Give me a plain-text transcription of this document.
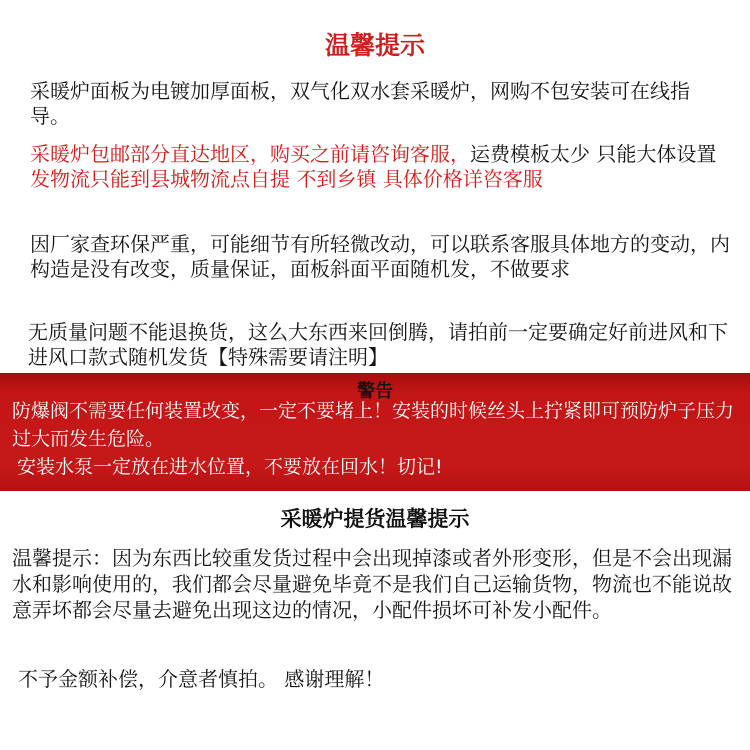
温馨提示

采暖炉面板为电镀加厚面板，双气化双水套采暖炉，网购不包安装可在线指导。

采暖炉包邮部分直达地区，购买之前请咨询客服，运费模板太少 只能大体设置 发物流只能到县城物流点自提 不到乡镇 具体价格详咨客服

因厂家查环保严重，可能细节有所轻微改动，可以联系客服具体地方的变动，内构造是没有改变，质量保证，面板斜面平面随机发，不做要求

无质量问题不能退换货，这么大东西来回倒腾，请拍前一定要确定好前进风和下进风口款式随机发货【特殊需要请注明】

警告

防爆阀不需要任何装置改变，一定不要堵上！安装的时候丝头上拧紧即可预防炉子压力过大而发生危险。
安装水泵一定放在进水位置，不要放在回水！切记!

采暖炉提货温馨提示

温馨提示：因为东西比较重发货过程中会出现掉漆或者外形变形，但是不会出现漏水和影响使用的，我们都会尽量避免毕竟不是我们自己运输货物，物流也不能说故意弄坏都会尽量去避免出现这边的情况，小配件损坏可补发小配件。

不予金额补偿，介意者慎拍。 感谢理解！
